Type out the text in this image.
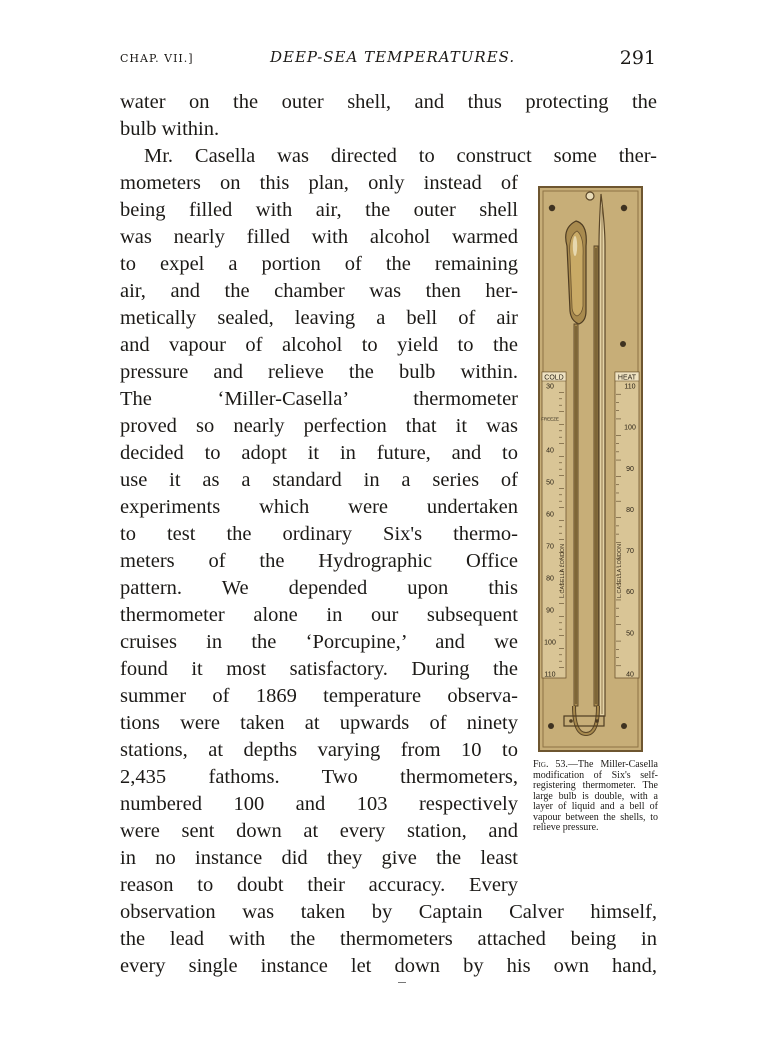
CHAP. VII.]	DEEP-SEA TEMPERATURES.	291
water on the outer shell, and thus protecting the
bulb within.
Mr. Casella was directed to construct some ther-
mometers on this plan, only instead of
being filled with air, the outer shell
was nearly filled with alcohol warmed
to expel a portion of the remaining
air, and the chamber was then her-
metically sealed, leaving a bell of air
and vapour of alcohol to yield to the
pressure and relieve the bulb within.
The ‘Miller-Casella’ thermometer
proved so nearly perfection that it was
decided to adopt it in future, and to
use it as a standard in a series of
experiments which were undertaken
to test the ordinary Six's thermo-
meters of the Hydrographic Office
pattern. We depended upon this
thermometer alone in our subsequent
cruises in the ‘Porcupine,’ and we
found it most satisfactory. During the
summer of 1869 temperature observa-
tions were taken at upwards of ninety
stations, at depths varying from 10 to
2,435 fathoms. Two thermometers,
numbered 100 and 103 respectively
were sent down at every station, and
in no instance did they give the least
reason to doubt their accuracy. Every
observation was taken by Captain Calver himself,
the lead with the thermometers attached being in
every single instance let down by his own hand,
COLD
30
FREEZE
40
50
60
70
80
90
100
110
HEAT
110
100
90
80
70
60
50
40
L.CASELLA LONDON	L.CASELLA LONDON
Fig. 53.—The Miller-Casella modification of Six's self-registering thermometer. The large bulb is double, with a layer of liquid and a bell of vapour between the shells, to relieve pressure.
